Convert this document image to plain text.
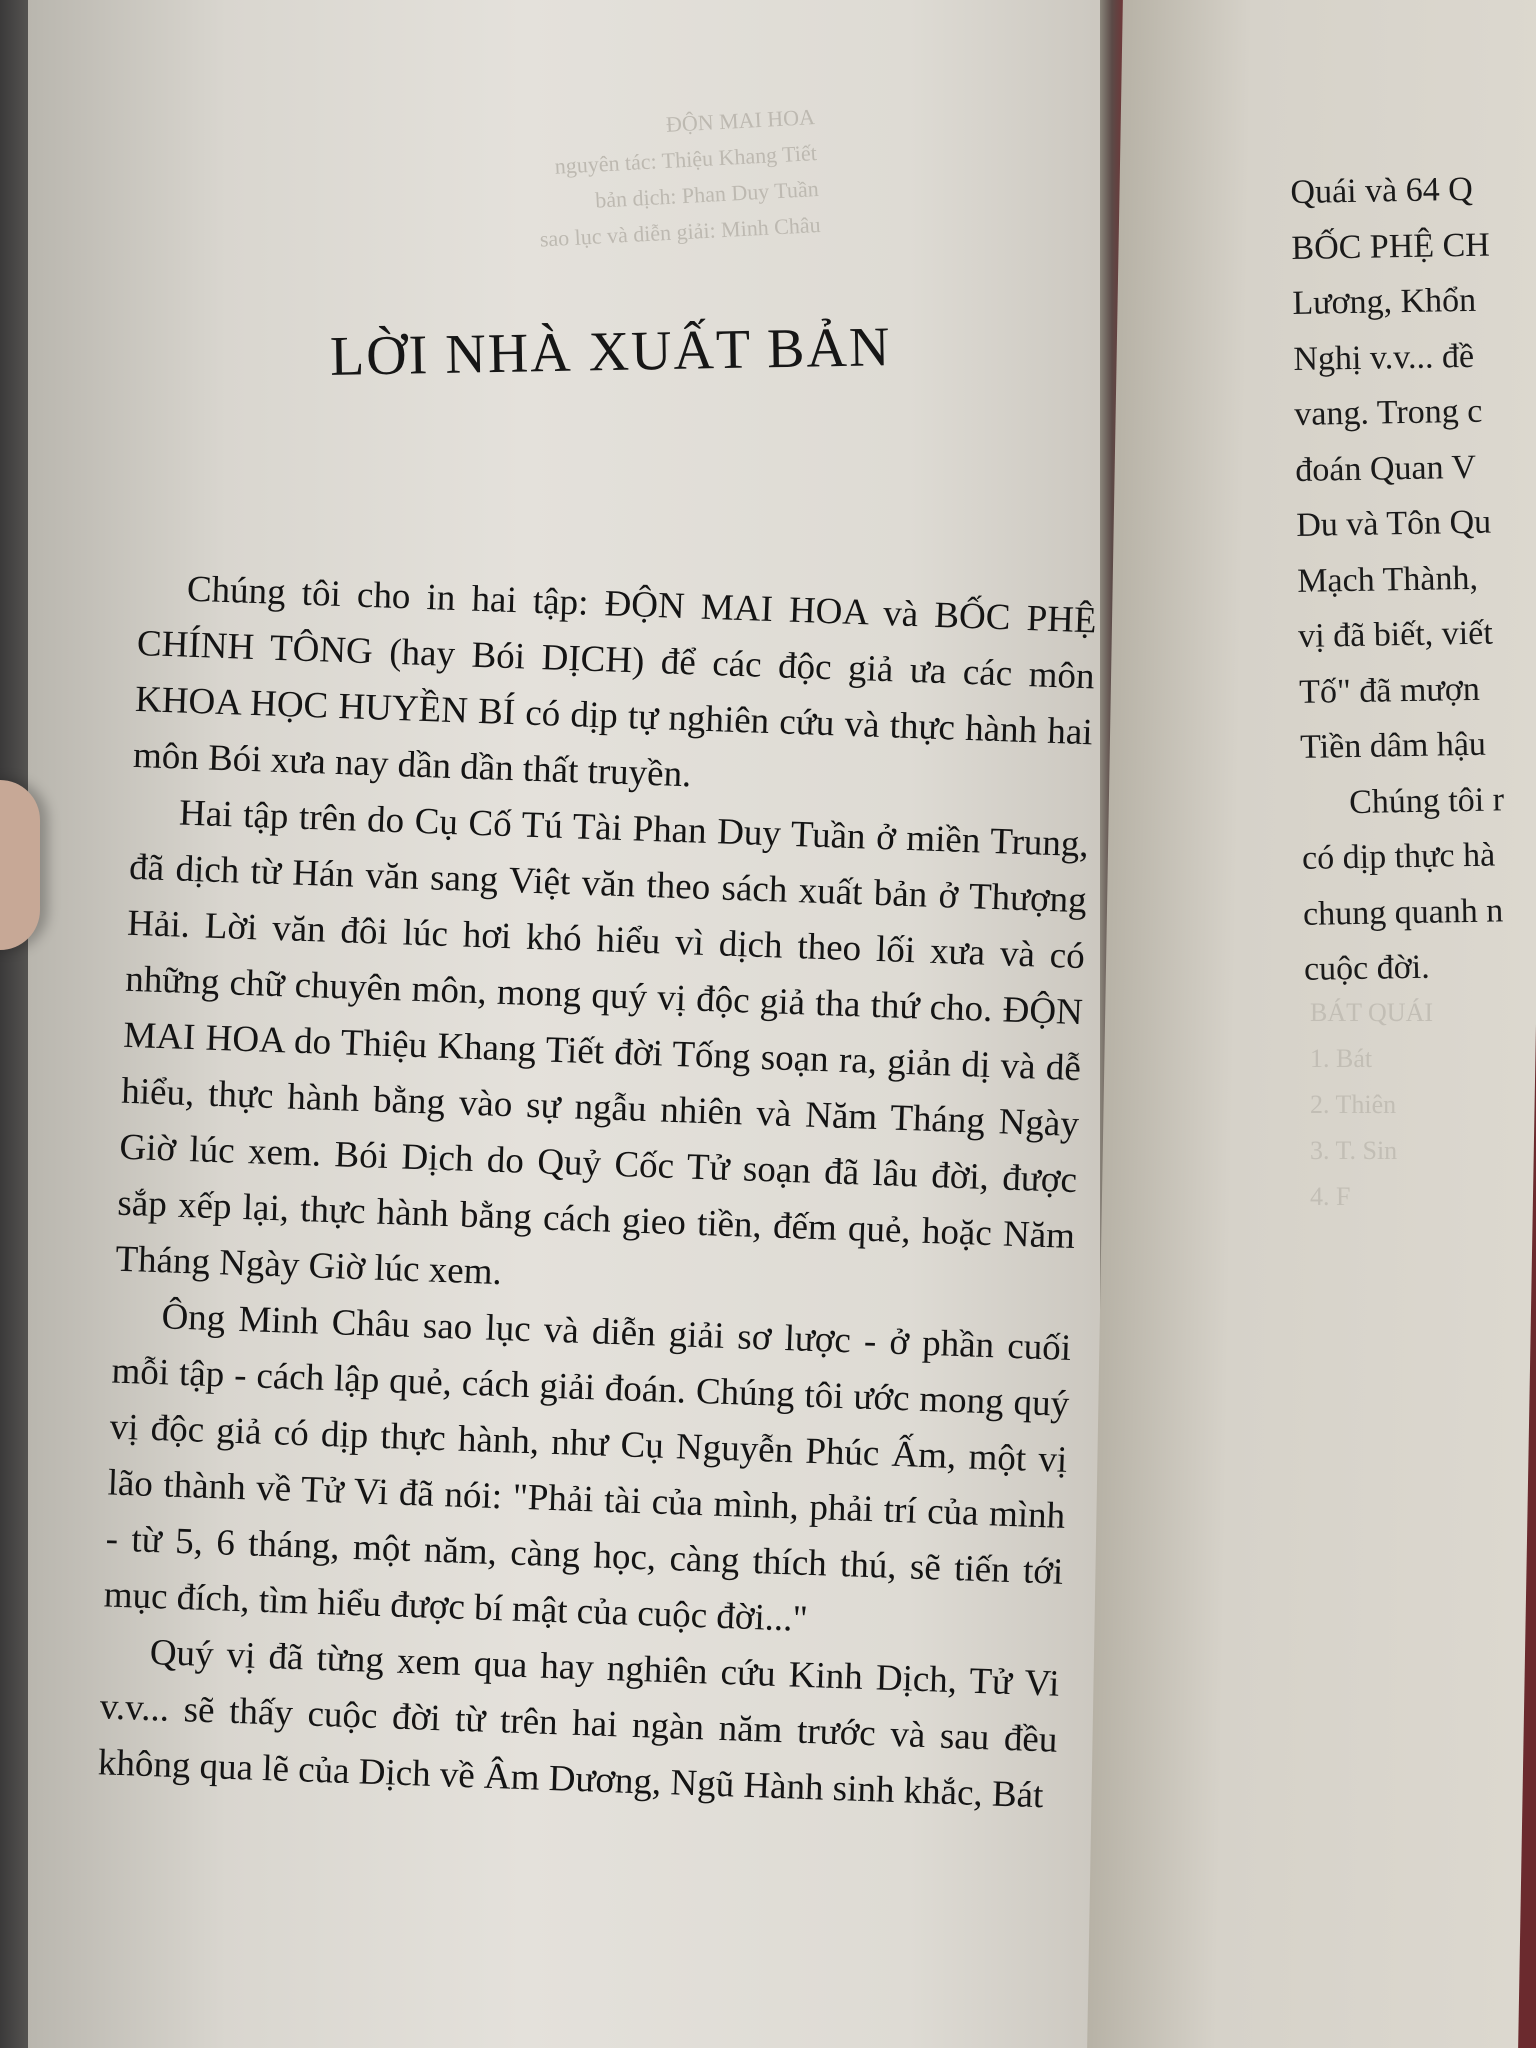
ĐỘN MAI HOA
nguyên tác: Thiệu Khang Tiết
bản dịch: Phan Duy Tuần
sao lục và diễn giải: Minh Châu
LỜI NHÀ XUẤT BẢN

Chúng tôi cho in hai tập: ĐỘN MAI HOA và BỐC PHỆ CHÍNH TÔNG (hay Bói DỊCH) để các độc giả ưa các môn KHOA HỌC HUYỀN BÍ có dịp tự nghiên cứu và thực hành hai môn Bói xưa nay dần dần thất truyền.

Hai tập trên do Cụ Cố Tú Tài Phan Duy Tuần ở miền Trung, đã dịch từ Hán văn sang Việt văn theo sách xuất bản ở Thượng Hải. Lời văn đôi lúc hơi khó hiểu vì dịch theo lối xưa và có những chữ chuyên môn, mong quý vị độc giả tha thứ cho. ĐỘN MAI HOA do Thiệu Khang Tiết đời Tống soạn ra, giản dị và dễ hiểu, thực hành bằng vào sự ngẫu nhiên và Năm Tháng Ngày Giờ lúc xem. Bói Dịch do Quỷ Cốc Tử soạn đã lâu đời, được sắp xếp lại, thực hành bằng cách gieo tiền, đếm quẻ, hoặc Năm Tháng Ngày Giờ lúc xem.

Ông Minh Châu sao lục và diễn giải sơ lược - ở phần cuối mỗi tập - cách lập quẻ, cách giải đoán. Chúng tôi ước mong quý vị độc giả có dịp thực hành, như Cụ Nguyễn Phúc Ấm, một vị lão thành về Tử Vi đã nói: "Phải tài của mình, phải trí của mình - từ 5, 6 tháng, một năm, càng học, càng thích thú, sẽ tiến tới mục đích, tìm hiểu được bí mật của cuộc đời..."

Quý vị đã từng xem qua hay nghiên cứu Kinh Dịch, Tử Vi v.v... sẽ thấy cuộc đời từ trên hai ngàn năm trước và sau đều không qua lẽ của Dịch về Âm Dương, Ngũ Hành sinh khắc, Bát

Quái và 64 Q
BỐC PHỆ CH
Lương, Khổn
Nghị v.v... đề
vang. Trong c
đoán Quan V
Du và Tôn Qu
Mạch Thành,
vị đã biết, viết
Tố" đã mượn
Tiền dâm hậu
Chúng tôi r
có dịp thực hà
chung quanh n
cuộc đời.
BÁT QUÁI
1. Bát
2. Thiên
3. T. Sin
4. F
